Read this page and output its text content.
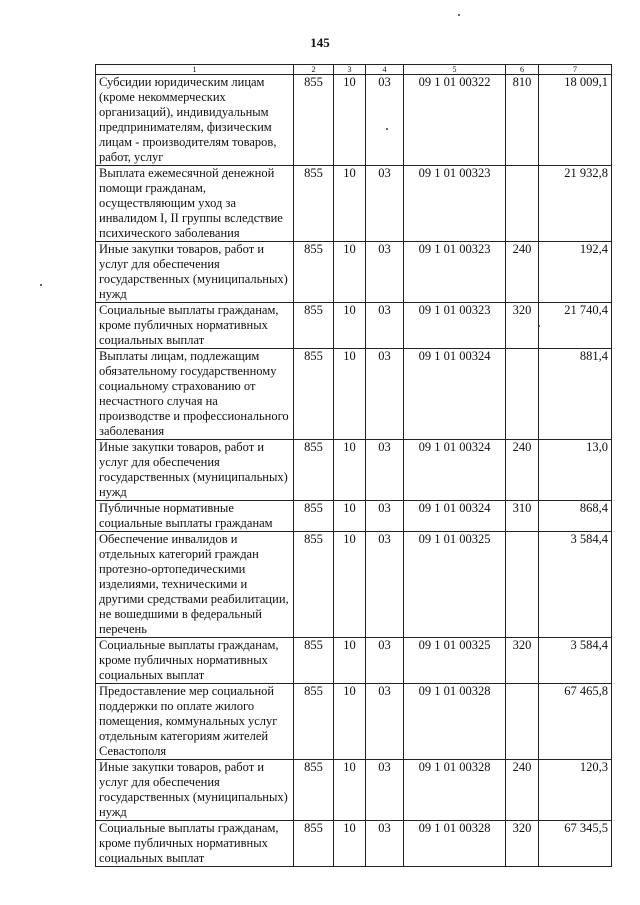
145
1	2	3	4	5	6	7
Субсидии юридическим лицам (кроме некоммерческих организаций), индивидуальным предпринимателям, физическим лицам - производителям товаров, работ, услуг	855	10	03	09 1 01 00322	810	18 009,1
Выплата ежемесячной денежной помощи гражданам, осуществляющим уход за инвалидом I, II группы вследствие психического заболевания	855	10	03	09 1 01 00323		21 932,8
Иные закупки товаров, работ и услуг для обеспечения государственных (муниципальных) нужд	855	10	03	09 1 01 00323	240	192,4
Социальные выплаты гражданам, кроме публичных нормативных социальных выплат	855	10	03	09 1 01 00323	320	21 740,4
Выплаты лицам, подлежащим обязательному государственному социальному страхованию от несчастного случая на производстве и профессионального заболевания	855	10	03	09 1 01 00324		881,4
Иные закупки товаров, работ и услуг для обеспечения государственных (муниципальных) нужд	855	10	03	09 1 01 00324	240	13,0
Публичные нормативные социальные выплаты гражданам	855	10	03	09 1 01 00324	310	868,4
Обеспечение инвалидов и отдельных категорий граждан протезно-ортопедическими изделиями, техническими и другими средствами реабилитации, не вошедшими в федеральный перечень	855	10	03	09 1 01 00325		3 584,4
Социальные выплаты гражданам, кроме публичных нормативных социальных выплат	855	10	03	09 1 01 00325	320	3 584,4
Предоставление мер социальной поддержки по оплате жилого помещения, коммунальных услуг отдельным категориям жителей Севастополя	855	10	03	09 1 01 00328		67 465,8
Иные закупки товаров, работ и услуг для обеспечения государственных (муниципальных) нужд	855	10	03	09 1 01 00328	240	120,3
Социальные выплаты гражданам, кроме публичных нормативных социальных выплат	855	10	03	09 1 01 00328	320	67 345,5
